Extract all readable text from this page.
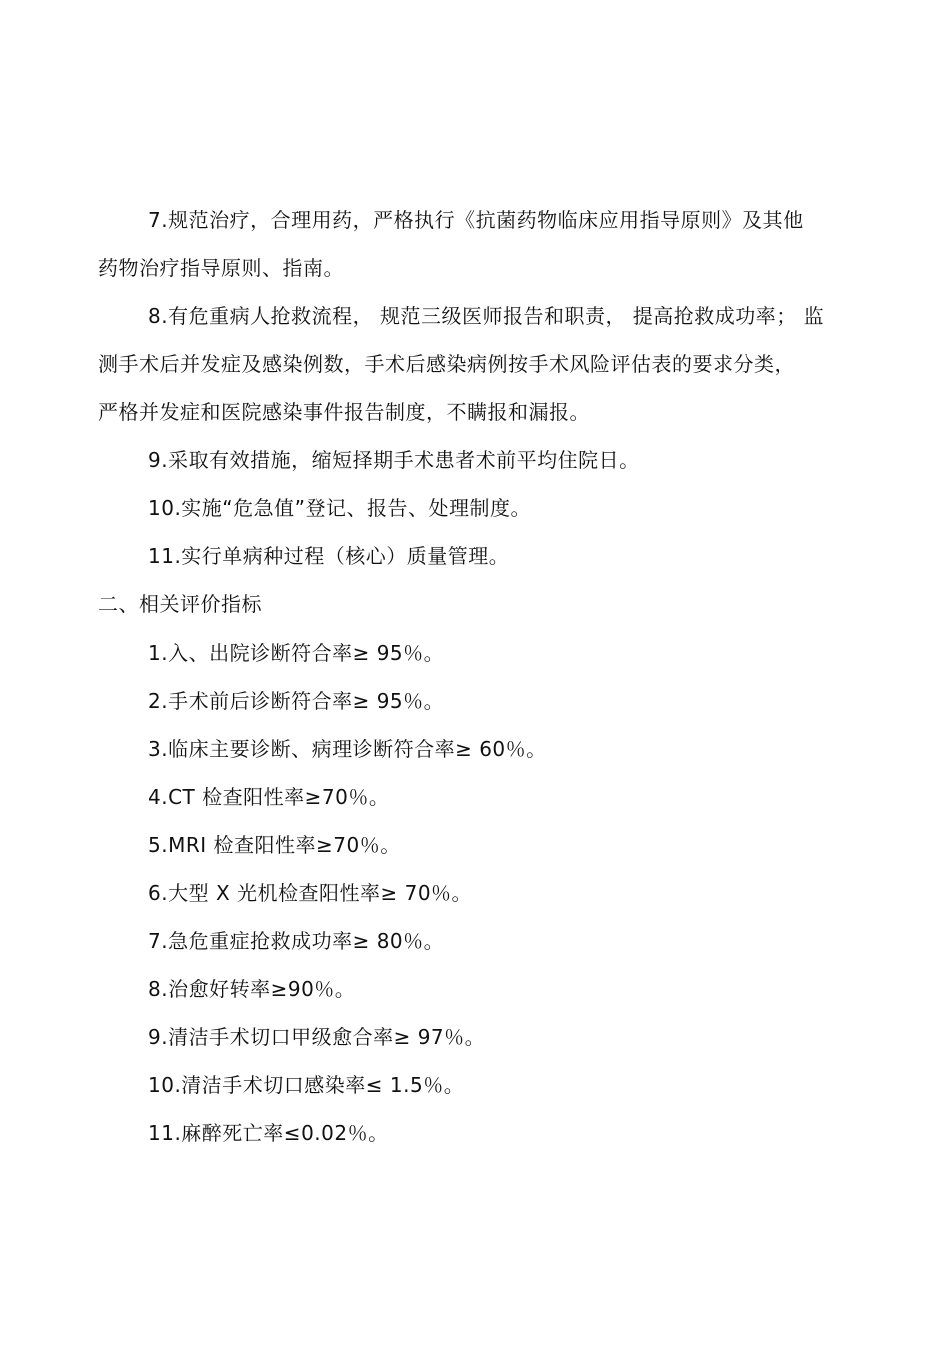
7.规范治疗，合理用药，严格执行《抗菌药物临床应用指导原则》及其他
药物治疗指导原则、指南。
8.有危重病人抢救流程， 规范三级医师报告和职责， 提高抢救成功率； 监
测手术后并发症及感染例数，手术后感染病例按手术风险评估表的要求分类，
严格并发症和医院感染事件报告制度，不瞒报和漏报。
9.采取有效措施，缩短择期手术患者术前平均住院日。
10.实施“危急值”登记、报告、处理制度。
11.实行单病种过程（核心）质量管理。
二、相关评价指标
1.入、出院诊断符合率≥ 95％。
2.手术前后诊断符合率≥ 95％。
3.临床主要诊断、病理诊断符合率≥ 60％。
4.CT 检查阳性率≥70％。
5.MRI 检查阳性率≥70％。
6.大型 X 光机检查阳性率≥ 70％。
7.急危重症抢救成功率≥ 80％。
8.治愈好转率≥90％。
9.清洁手术切口甲级愈合率≥ 97％。
10.清洁手术切口感染率≤ 1.5％。
11.麻醉死亡率≤0.02％。
